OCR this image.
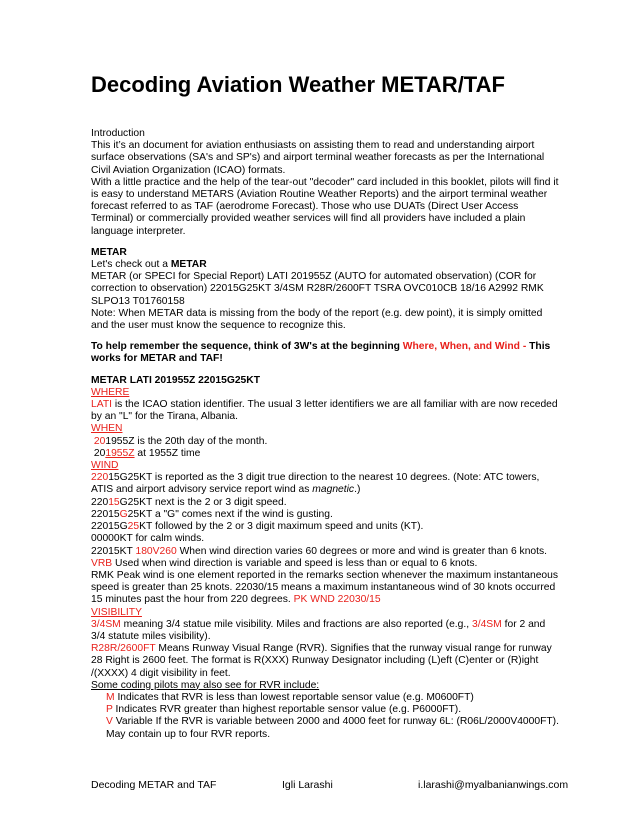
Decoding Aviation Weather METAR/TAF

Introduction

This it’s an document for aviation enthusiasts on assisting them to read and understanding airport surface observations (SA's and SP's) and airport terminal weather forecasts as per the International Civil Aviation Organization (ICAO) formats.

With a little practice and the help of the tear-out "decoder" card included in this booklet, pilots will find it is easy to understand METARS (Aviation Routine Weather Reports) and the airport terminal weather forecast referred to as TAF (aerodrome Forecast). Those who use DUATs (Direct User Access Terminal) or commercially provided weather services will find all providers have included a plain language interpreter.

METAR

Let's check out a METAR

METAR (or SPECI for Special Report) LATI 201955Z (AUTO for automated observation) (COR for correction to observation) 22015G25KT 3/4SM R28R/2600FT TSRA OVC010CB 18/16 A2992 RMK SLPO13 T01760158

Note: When METAR data is missing from the body of the report (e.g. dew point), it is simply omitted and the user must know the sequence to recognize this.

To help remember the sequence, think of 3W's at the beginning Where, When, and Wind - This works for METAR and TAF!

METAR LATI 201955Z 22015G25KT

WHERE

LATI is the ICAO station identifier. The usual 3 letter identifiers we are all familiar with are now receded by an "L" for the Tirana, Albania.

WHEN

201955Z is the 20th day of the month.

201955Z at 1955Z time

WIND

22015G25KT is reported as the 3 digit true direction to the nearest 10 degrees. (Note: ATC towers, ATIS and airport advisory service report wind as magnetic.)

22015G25KT next is the 2 or 3 digit speed.

22015G25KT a "G" comes next if the wind is gusting.

22015G25KT followed by the 2 or 3 digit maximum speed and units (KT).

00000KT for calm winds.

22015KT 180V260 When wind direction varies 60 degrees or more and wind is greater than 6 knots.

VRB Used when wind direction is variable and speed is less than or equal to 6 knots.

RMK Peak wind is one element reported in the remarks section whenever the maximum instantaneous speed is greater than 25 knots. 22030/15 means a maximum instantaneous wind of 30 knots occurred 15 minutes past the hour from 220 degrees. PK WND 22030/15

VISIBILITY

3/4SM meaning 3/4 statue mile visibility. Miles and fractions are also reported (e.g., 3/4SM for 2 and 3/4 statute miles visibility).

R28R/2600FT Means Runway Visual Range (RVR). Signifies that the runway visual range for runway 28 Right is 2600 feet. The format is R(XXX) Runway Designator including (L)eft (C)enter or (R)ight /(XXXX) 4 digit visibility in feet.

Some coding pilots may also see for RVR include:

M Indicates that RVR is less than lowest reportable sensor value (e.g. M0600FT)

P Indicates RVR greater than highest reportable sensor value (e.g. P6000FT).

V Variable If the RVR is variable between 2000 and 4000 feet for runway 6L: (R06L/2000V4000FT). May contain up to four RVR reports.

Decoding METAR and TAF	Igli Larashi	i.larashi@myalbanianwings.com
